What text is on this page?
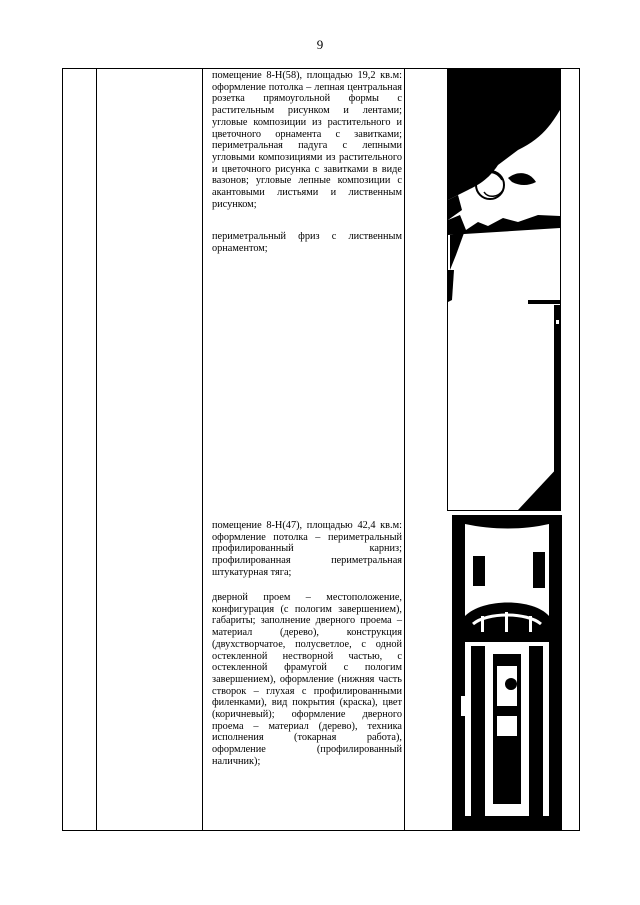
9
помещение 8-Н(58), площадью 19,2 кв.м: оформление потолка – лепная центральная розетка прямоугольной формы с растительным рисунком и лентами; угловые композиции из растительного и цветочного орнамента с завитками; периметральная падуга с лепными угловыми композициями из растительного и цветочного рисунка с завитками в виде вазонов; угловые лепные композиции с акантовыми листьями и лиственным рисунком;
периметральный фриз с лиственным орнаментом;
помещение 8-Н(47), площадью 42,4 кв.м: оформление потолка – периметральный профилированный карниз; профилированная периметральная штукатурная тяга;
дверной проем – местоположение, конфигурация (с пологим завершением), габариты; заполнение дверного проема – материал (дерево), конструкция (двухстворчатое, полусветлое, с одной остекленной нестворной частью, с остекленной фрамугой с пологим завершением), оформление (нижняя часть створок – глухая с профилированными филенками), вид покрытия (краска), цвет (коричневый); оформление дверного проема – материал (дерево), техника исполнения (токарная работа), оформление (профилированный наличник);
